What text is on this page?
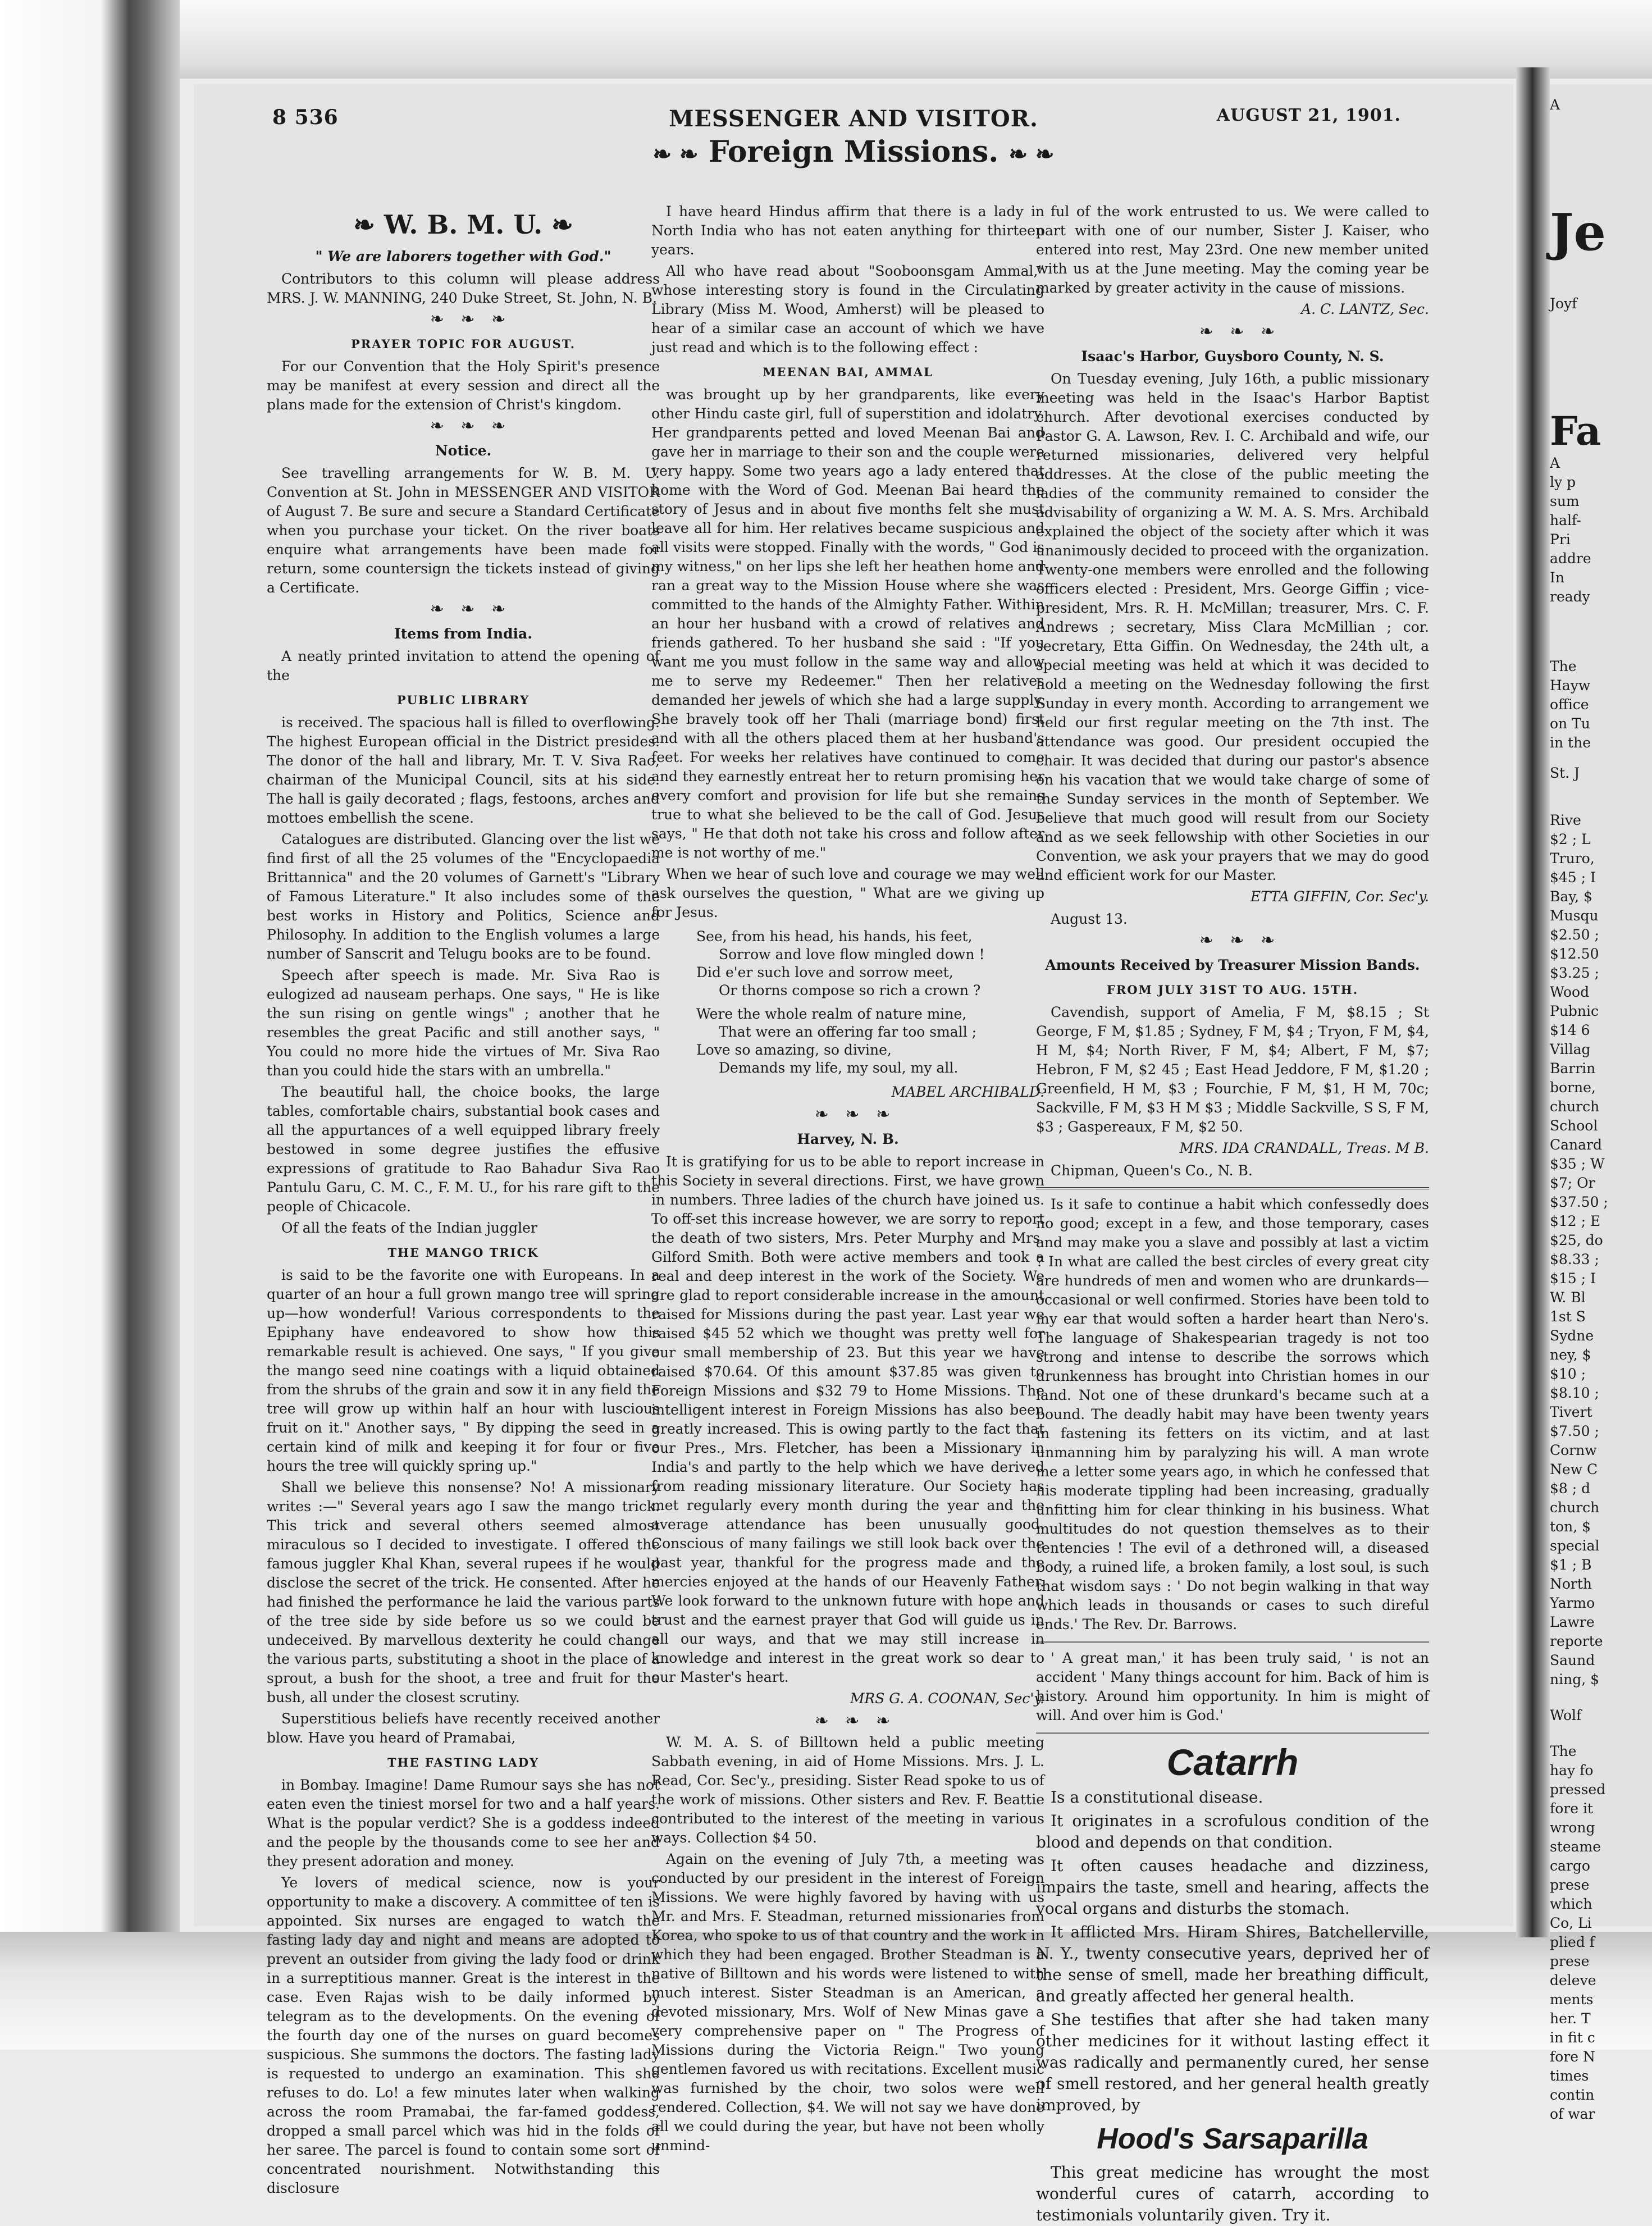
8 536	MESSENGER AND VISITOR.	AUGUST 21, 1901.
❧ ❧ Foreign Missions. ❧ ❧

❧ W. B. M. U. ❧

" We are laborers together with God."

Contributors to this column will please address MRS. J. W. MANNING, 240 Duke Street, St. John, N. B.

❧ ❧ ❧

PRAYER TOPIC FOR AUGUST.

For our Convention that the Holy Spirit's presence may be manifest at every session and direct all the plans made for the extension of Christ's kingdom.

❧ ❧ ❧

Notice.

See travelling arrangements for W. B. M. U. Convention at St. John in MESSENGER AND VISITOR of August 7. Be sure and secure a Standard Certificate when you purchase your ticket. On the river boats enquire what arrangements have been made for return, some countersign the tickets instead of giving a Certificate.

❧ ❧ ❧

Items from India.

A neatly printed invitation to attend the opening of the

PUBLIC LIBRARY

is received. The spacious hall is filled to overflowing. The highest European official in the District presides. The donor of the hall and library, Mr. T. V. Siva Rao, chairman of the Municipal Council, sits at his side. The hall is gaily decorated ; flags, festoons, arches and mottoes embellish the scene.

Catalogues are distributed. Glancing over the list we find first of all the 25 volumes of the "Encyclopaedia Brittannica" and the 20 volumes of Garnett's "Library of Famous Literature." It also includes some of the best works in History and Politics, Science and Philosophy. In addition to the English volumes a large number of Sanscrit and Telugu books are to be found.

Speech after speech is made. Mr. Siva Rao is eulogized ad nauseam perhaps. One says, " He is like the sun rising on gentle wings" ; another that he resembles the great Pacific and still another says, " You could no more hide the virtues of Mr. Siva Rao than you could hide the stars with an umbrella."

The beautiful hall, the choice books, the large tables, comfortable chairs, substantial book cases and all the appurtances of a well equipped library freely bestowed in some degree justifies the effusive expressions of gratitude to Rao Bahadur Siva Rao Pantulu Garu, C. M. C., F. M. U., for his rare gift to the people of Chicacole.

Of all the feats of the Indian juggler

THE MANGO TRICK

is said to be the favorite one with Europeans. In a quarter of an hour a full grown mango tree will spring up—how wonderful! Various correspondents to the Epiphany have endeavored to show how this remarkable result is achieved. One says, " If you give the mango seed nine coatings with a liquid obtained from the shrubs of the grain and sow it in any field the tree will grow up within half an hour with luscious fruit on it." Another says, " By dipping the seed in a certain kind of milk and keeping it for four or five hours the tree will quickly spring up."

Shall we believe this nonsense? No! A missionary writes :—" Several years ago I saw the mango trick. This trick and several others seemed almost miraculous so I decided to investigate. I offered the famous juggler Khal Khan, several rupees if he would disclose the secret of the trick. He consented. After he had finished the performance he laid the various parts of the tree side by side before us so we could be undeceived. By marvellous dexterity he could change the various parts, substituting a shoot in the place of a sprout, a bush for the shoot, a tree and fruit for the bush, all under the closest scrutiny.

Superstitious beliefs have recently received another blow. Have you heard of Pramabai,

THE FASTING LADY

in Bombay. Imagine! Dame Rumour says she has not eaten even the tiniest morsel for two and a half years. What is the popular verdict? She is a goddess indeed and the people by the thousands come to see her and they present adoration and money.

Ye lovers of medical science, now is your opportunity to make a discovery. A committee of ten is appointed. Six nurses are engaged to watch the fasting lady day and night and means are adopted to prevent an outsider from giving the lady food or drink in a surreptitious manner. Great is the interest in the case. Even Rajas wish to be daily informed by telegram as to the developments. On the evening of the fourth day one of the nurses on guard becomes suspicious. She summons the doctors. The fasting lady is requested to undergo an examination. This she refuses to do. Lo! a few minutes later when walking across the room Pramabai, the far-famed goddess, dropped a small parcel which was hid in the folds of her saree. The parcel is found to contain some sort of concentrated nourishment. Notwithstanding this disclosure

I have heard Hindus affirm that there is a lady in North India who has not eaten anything for thirteen years.

All who have read about "Sooboonsgam Ammal," whose interesting story is found in the Circulating Library (Miss M. Wood, Amherst) will be pleased to hear of a similar case an account of which we have just read and which is to the following effect :

MEENAN BAI, AMMAL

was brought up by her grandparents, like every other Hindu caste girl, full of superstition and idolatry. Her grandparents petted and loved Meenan Bai and gave her in marriage to their son and the couple were very happy. Some two years ago a lady entered that home with the Word of God. Meenan Bai heard the story of Jesus and in about five months felt she must leave all for him. Her relatives became suspicious and all visits were stopped. Finally with the words, " God is my witness," on her lips she left her heathen home and ran a great way to the Mission House where she was committed to the hands of the Almighty Father. Within an hour her husband with a crowd of relatives and friends gathered. To her husband she said : "If you want me you must follow in the same way and allow me to serve my Redeemer." Then her relatives demanded her jewels of which she had a large supply. She bravely took off her Thali (marriage bond) first and with all the others placed them at her husband's feet. For weeks her relatives have continued to come and they earnestly entreat her to return promising her every comfort and provision for life but she remains true to what she believed to be the call of God. Jesus says, " He that doth not take his cross and follow after me is not worthy of me."

When we hear of such love and courage we may well ask ourselves the question, " What are we giving up for Jesus.

See, from his head, his hands, his feet,
Sorrow and love flow mingled down !
Did e'er such love and sorrow meet,
Or thorns compose so rich a crown ?
Were the whole realm of nature mine,
That were an offering far too small ;
Love so amazing, so divine,
Demands my life, my soul, my all.

MABEL ARCHIBALD.

❧ ❧ ❧

Harvey, N. B.

It is gratifying for us to be able to report increase in this Society in several directions. First, we have grown in numbers. Three ladies of the church have joined us. To off-set this increase however, we are sorry to report the death of two sisters, Mrs. Peter Murphy and Mrs. Gilford Smith. Both were active members and took a real and deep interest in the work of the Society. We are glad to report considerable increase in the amount raised for Missions during the past year. Last year we raised $45 52 which we thought was pretty well for our small membership of 23. But this year we have raised $70.64. Of this amount $37.85 was given to Foreign Missions and $32 79 to Home Missions. The intelligent interest in Foreign Missions has also been greatly increased. This is owing partly to the fact that our Pres., Mrs. Fletcher, has been a Missionary in India's and partly to the help which we have derived from reading missionary literature. Our Society has met regularly every month during the year and the average attendance has been unusually good. Conscious of many failings we still look back over the past year, thankful for the progress made and the mercies enjoyed at the hands of our Heavenly Father. We look forward to the unknown future with hope and trust and the earnest prayer that God will guide us in all our ways, and that we may still increase in knowledge and interest in the great work so dear to our Master's heart.

MRS G. A. COONAN, Sec'y.

❧ ❧ ❧

W. M. A. S. of Billtown held a public meeting Sabbath evening, in aid of Home Missions. Mrs. J. L. Read, Cor. Sec'y., presiding. Sister Read spoke to us of the work of missions. Other sisters and Rev. F. Beattie contributed to the interest of the meeting in various ways. Collection $4 50.

Again on the evening of July 7th, a meeting was conducted by our president in the interest of Foreign Missions. We were highly favored by having with us Mr. and Mrs. F. Steadman, returned missionaries from Korea, who spoke to us of that country and the work in which they had been engaged. Brother Steadman is a native of Billtown and his words were listened to with much interest. Sister Steadman is an American, a devoted missionary, Mrs. Wolf of New Minas gave a very comprehensive paper on " The Progress of Missions during the Victoria Reign." Two young gentlemen favored us with recitations. Excellent music was furnished by the choir, two solos were well rendered. Collection, $4. We will not say we have done all we could during the year, but have not been wholly unmind-

ful of the work entrusted to us. We were called to part with one of our number, Sister J. Kaiser, who entered into rest, May 23rd. One new member united with us at the June meeting. May the coming year be marked by greater activity in the cause of missions.

A. C. LANTZ, Sec.

❧ ❧ ❧

Isaac's Harbor, Guysboro County, N. S.

On Tuesday evening, July 16th, a public missionary meeting was held in the Isaac's Harbor Baptist church. After devotional exercises conducted by Pastor G. A. Lawson, Rev. I. C. Archibald and wife, our returned missionaries, delivered very helpful addresses. At the close of the public meeting the ladies of the community remained to consider the advisability of organizing a W. M. A. S. Mrs. Archibald explained the object of the society after which it was unanimously decided to proceed with the organization. Twenty-one members were enrolled and the following officers elected : President, Mrs. George Giffin ; vice-president, Mrs. R. H. McMillan; treasurer, Mrs. C. F. Andrews ; secretary, Miss Clara McMillian ; cor. secretary, Etta Giffin. On Wednesday, the 24th ult, a special meeting was held at which it was decided to hold a meeting on the Wednesday following the first Sunday in every month. According to arrangement we held our first regular meeting on the 7th inst. The attendance was good. Our president occupied the chair. It was decided that during our pastor's absence on his vacation that we would take charge of some of the Sunday services in the month of September. We believe that much good will result from our Society and as we seek fellowship with other Societies in our Convention, we ask your prayers that we may do good and efficient work for our Master.

ETTA GIFFIN, Cor. Sec'y.

August 13.

❧ ❧ ❧

Amounts Received by Treasurer Mission Bands.

FROM JULY 31ST TO AUG. 15TH.

Cavendish, support of Amelia, F M, $8.15 ; St George, F M, $1.85 ; Sydney, F M, $4 ; Tryon, F M, $4, H M, $4; North River, F M, $4; Albert, F M, $7; Hebron, F M, $2 45 ; East Head Jeddore, F M, $1.20 ; Greenfield, H M, $3 ; Fourchie, F M, $1, H M, 70c; Sackville, F M, $3 H M $3 ; Middle Sackville, S S, F M, $3 ; Gaspereaux, F M, $2 50.

MRS. IDA CRANDALL, Treas. M B.

Chipman, Queen's Co., N. B.

Is it safe to continue a habit which confessedly does no good; except in a few, and those temporary, cases and may make you a slave and possibly at last a victim ? In what are called the best circles of every great city are hundreds of men and women who are drunkards—occasional or well confirmed. Stories have been told to my ear that would soften a harder heart than Nero's. The language of Shakespearian tragedy is not too strong and intense to describe the sorrows which drunkenness has brought into Christian homes in our land. Not one of these drunkard's became such at a bound. The deadly habit may have been twenty years in fastening its fetters on its victim, and at last unmanning him by paralyzing his will. A man wrote me a letter some years ago, in which he confessed that his moderate tippling had been increasing, gradually unfitting him for clear thinking in his business. What multitudes do not question themselves as to their tentencies ! The evil of a dethroned will, a diseased body, a ruined life, a broken family, a lost soul, is such that wisdom says : ' Do not begin walking in that way which leads in thousands or cases to such direful ends.' The Rev. Dr. Barrows.

' A great man,' it has been truly said, ' is not an accident ' Many things account for him. Back of him is history. Around him opportunity. In him is might of will. And over him is God.'

Catarrh

Is a constitutional disease.

It originates in a scrofulous condition of the blood and depends on that condition.

It often causes headache and dizziness, impairs the taste, smell and hearing, affects the vocal organs and disturbs the stomach.

It afflicted Mrs. Hiram Shires, Batchellerville, N. Y., twenty consecutive years, deprived her of the sense of smell, made her breathing difficult, and greatly affected her general health.

She testifies that after she had taken many other medicines for it without lasting effect it was radically and permanently cured, her sense of smell restored, and her general health greatly improved, by

Hood's Sarsaparilla

This great medicine has wrought the most wonderful cures of catarrh, according to testimonials voluntarily given. Try it.

A
Je
Joyf
Fa
A
ly p
sum
half-
Pri
addre
In
ready
The
Hayw
office
on Tu
in the
St. J
Rive
$2 ; L
Truro,
$45 ; I
Bay, $
Musqu
$2.50 ;
$12.50
$3.25 ;
Wood
Pubnic
$14 6
Villag
Barrin
borne,
church
School
Canard
$35 ; W
$7; Or
$37.50 ;
$12 ; E
$25, do
$8.33 ;
$15 ; I
W. Bl
1st S
Sydne
ney, $
$10 ;
$8.10 ;
Tivert
$7.50 ;
Cornw
New C
$8 ; d
church
ton, $
special
$1 ; B
North
Yarmo
Lawre
reporte
Saund
ning, $
Wolf
The
hay fo
pressed
fore it
wrong
steame
cargo
prese
which
Co, Li
plied f
prese
deleve
ments
her. T
in fit c
fore N
times
contin
of war
